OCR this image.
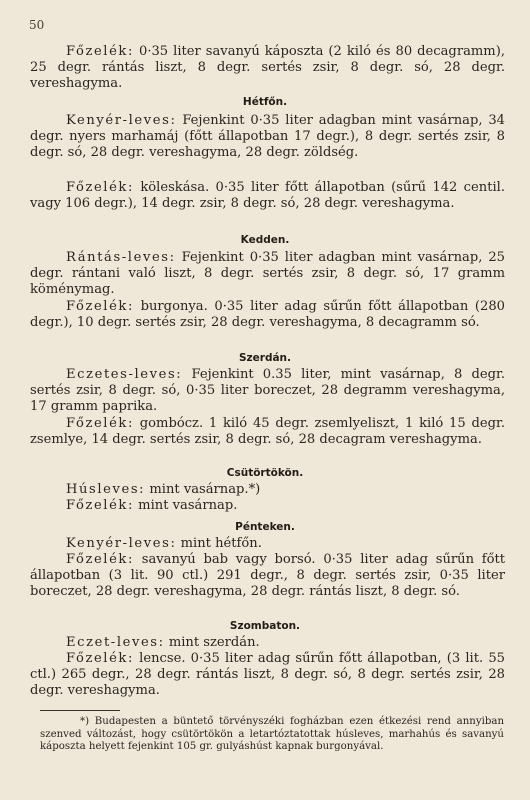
50

Főzelék: 0·35 liter savanyú káposzta (2 kiló és 80 decagramm), 25 degr. rántás liszt, 8 degr. sertés zsir, 8 degr. só, 28 degr. vereshagyma.

Hétfőn.

Kenyér-leves: Fejenkint 0·35 liter adagban mint vasárnap, 34 degr. nyers marhamáj (főtt állapotban 17 degr.), 8 degr. sertés zsir, 8 degr. só, 28 degr. vereshagyma, 28 degr. zöldség.

Főzelék: köleskása. 0·35 liter főtt állapotban (sűrű 142 centil. vagy 106 degr.), 14 degr. zsir, 8 degr. só, 28 degr. vereshagyma.

Kedden.

Rántás-leves: Fejenkint 0·35 liter adagban mint vasárnap, 25 degr. rántani való liszt, 8 degr. sertés zsir, 8 degr. só, 17 gramm köménymag.

Főzelék: burgonya. 0·35 liter adag sűrűn főtt állapotban (280 degr.), 10 degr. sertés zsir, 28 degr. vereshagyma, 8 decagramm só.

Szerdán.

Eczetes-leves: Fejenkint 0.35 liter, mint vasárnap, 8 degr. sertés zsir, 8 degr. só, 0·35 liter boreczet, 28 degramm vereshagyma, 17 gramm paprika.

Főzelék: gombócz. 1 kiló 45 degr. zsemlyeliszt, 1 kiló 15 degr. zsemlye, 14 degr. sertés zsir, 8 degr. só, 28 decagram vereshagyma.

Csütörtökön.

Húsleves: mint vasárnap.*)

Főzelék: mint vasárnap.

Pénteken.

Kenyér-leves: mint hétfőn.

Főzelék: savanyú bab vagy borsó. 0·35 liter adag sűrűn főtt állapotban (3 lit. 90 ctl.) 291 degr., 8 degr. sertés zsir, 0·35 liter boreczet, 28 degr. vereshagyma, 28 degr. rántás liszt, 8 degr. só.

Szombaton.

Eczet-leves: mint szerdán.

Főzelék: lencse. 0·35 liter adag sűrűn főtt állapotban, (3 lit. 55 ctl.) 265 degr., 28 degr. rántás liszt, 8 degr. só, 8 degr. sertés zsir, 28 degr. vereshagyma.

*) Budapesten a büntető törvényszéki fogházban ezen étkezési rend annyiban szenved változást, hogy csütörtökön a letartóztatottak húsleves, marhahús és savanyú káposzta helyett fejenkint 105 gr. gulyáshúst kapnak burgonyával.
